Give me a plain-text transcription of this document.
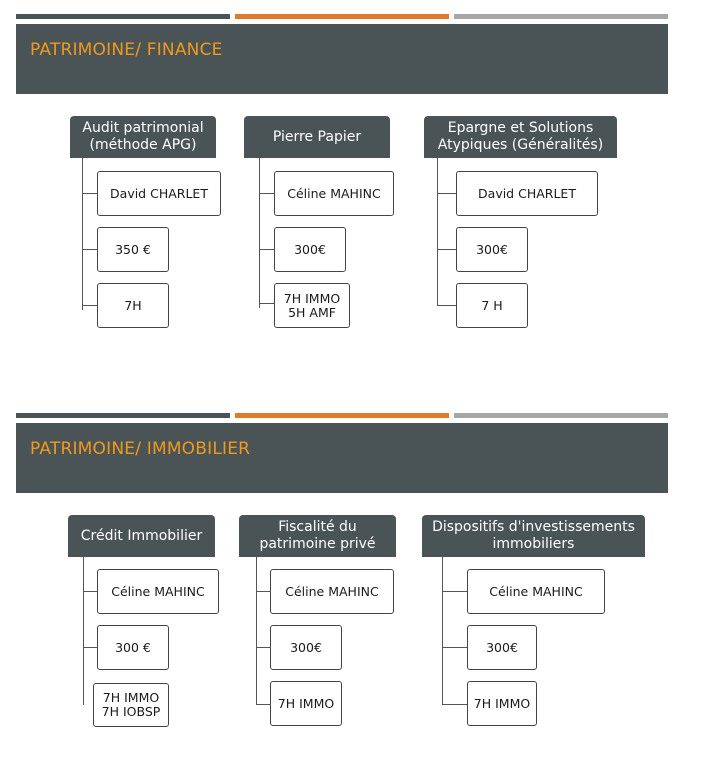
PATRIMOINE/ FINANCE
Audit patrimonial
(méthode APG)
David CHARLET
350 €
7H
Pierre Papier
Céline MAHINC
300€
7H IMMO
5H AMF
Epargne et Solutions
Atypiques (Généralités)
David CHARLET
300€
7 H
PATRIMOINE/ IMMOBILIER
Crédit Immobilier
Céline MAHINC
300 €
7H IMMO
7H IOBSP
Fiscalité du
patrimoine privé
Céline MAHINC
300€
7H IMMO
Dispositifs d'investissements
immobiliers
Céline MAHINC
300€
7H IMMO
